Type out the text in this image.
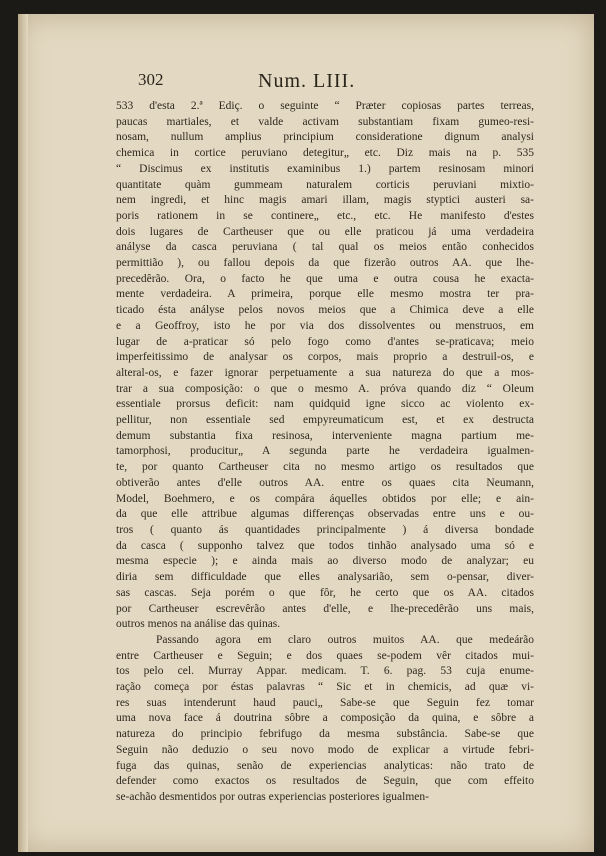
302	Num. LIII.
533 d'esta 2.ª Ediç. o seguinte “ Præter copiosas partes terreas,
paucas martiales, et valde activam substantiam fixam gumeo-resi-
nosam, nullum amplius principium consideratione dignum analysi
chemica in cortice peruviano detegitur„ etc. Diz mais na p. 535
“ Discimus ex institutis examinibus 1.) partem resinosam minori
quantitate quàm gummeam naturalem corticis peruviani mixtio-
nem ingredi, et hinc magis amari illam, magis styptici austeri sa-
poris rationem in se continere„ etc., etc. He manifesto d'estes
dois lugares de Cartheuser que ou elle praticou já uma verdadeira
anályse da casca peruviana ( tal qual os meios então conhecidos
permittião ), ou fallou depois da que fizerão outros AA. que lhe-
precedêrão. Ora, o facto he que uma e outra cousa he exacta-
mente verdadeira. A primeira, porque elle mesmo mostra ter pra-
ticado ésta anályse pelos novos meios que a Chimica deve a elle
e a Geoffroy, isto he por via dos dissolventes ou menstruos, em
lugar de a-praticar só pelo fogo como d'antes se-praticava; meio
imperfeitissimo de analysar os corpos, mais proprio a destruil-os, e
alteral-os, e fazer ignorar perpetuamente a sua natureza do que a mos-
trar a sua composição: o que o mesmo A. próva quando diz “ Oleum
essentiale prorsus deficit: nam quidquid igne sicco ac violento ex-
pellitur, non essentiale sed empyreumaticum est, et ex destructa
demum substantia fixa resinosa, interveniente magna partium me-
tamorphosi, producitur„ A segunda parte he verdadeira igualmen-
te, por quanto Cartheuser cita no mesmo artigo os resultados que
obtiverão antes d'elle outros AA. entre os quaes cita Neumann,
Model, Boehmero, e os compára áquelles obtidos por elle; e ain-
da que elle attribue algumas differenças observadas entre uns e ou-
tros ( quanto ás quantidades principalmente ) á diversa bondade
da casca ( supponho talvez que todos tinhão analysado uma só e
mesma especie ); e ainda mais ao diverso modo de analyzar; eu
diria sem difficuldade que elles analysarião, sem o-pensar, diver-
sas cascas. Seja porém o que fôr, he certo que os AA. citados
por Cartheuser escrevêrão antes d'elle, e lhe-precedêrão uns mais,
outros menos na análise das quinas.
Passando agora em claro outros muitos AA. que medeárão
entre Cartheuser e Seguin; e dos quaes se-podem vêr citados mui-
tos pelo cel. Murray Appar. medicam. T. 6. pag. 53 cuja enume-
ração começa por éstas palavras “ Sic et in chemicis, ad quæ vi-
res suas intenderunt haud pauci„ Sabe-se que Seguin fez tomar
uma nova face á doutrina sôbre a composição da quina, e sôbre a
natureza do principio febrifugo da mesma substância. Sabe-se que
Seguin não deduzio o seu novo modo de explicar a virtude febri-
fuga das quinas, senão de experiencias analyticas: não trato de
defender como exactos os resultados de Seguin, que com effeito
se-achão desmentidos por outras experiencias posteriores igualmen-
